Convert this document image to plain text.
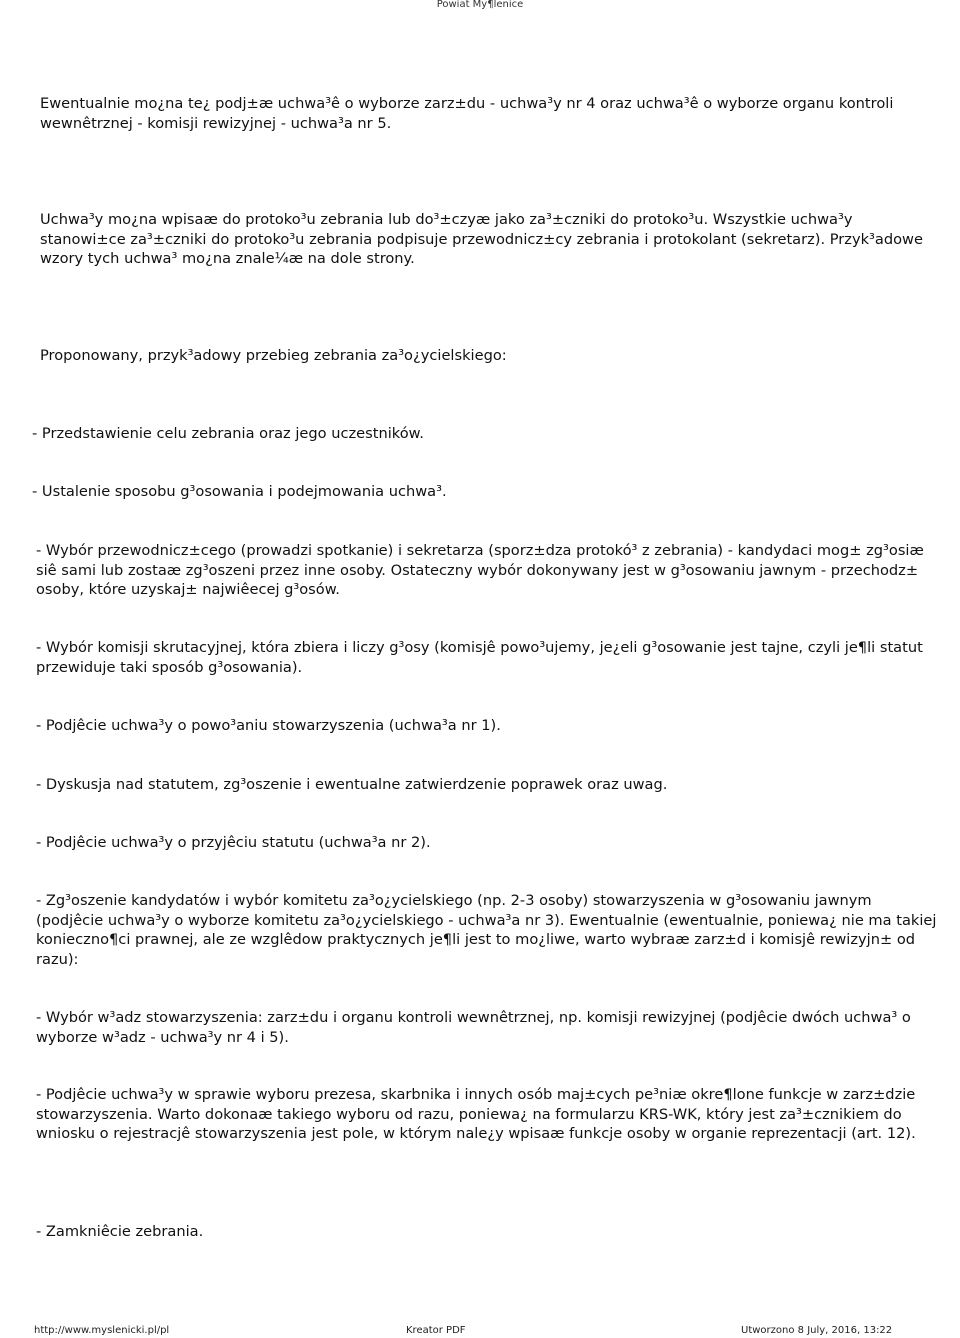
Powiat My¶lenice

Ewentualnie mo¿na te¿ podj±æ uchwa³ê o wyborze zarz±du - uchwa³y nr 4 oraz uchwa³ê o wyborze organu kontroli wewnêtrznej - komisji rewizyjnej - uchwa³a nr 5.

Uchwa³y mo¿na wpisaæ do protoko³u zebrania lub do³±czyæ jako za³±czniki do protoko³u. Wszystkie uchwa³y stanowi±ce za³±czniki do protoko³u zebrania podpisuje przewodnicz±cy zebrania i protokolant (sekretarz). Przyk³adowe wzory tych uchwa³ mo¿na znale¼æ na dole strony.

Proponowany, przyk³adowy przebieg zebrania za³o¿ycielskiego:

- Przedstawienie celu zebrania oraz jego uczestników.

- Ustalenie sposobu g³osowania i podejmowania uchwa³.

- Wybór przewodnicz±cego (prowadzi spotkanie) i sekretarza (sporz±dza protokó³ z zebrania) - kandydaci mog± zg³osiæ siê sami lub zostaæ zg³oszeni przez inne osoby. Ostateczny wybór dokonywany jest w g³osowaniu jawnym - przechodz± osoby, które uzyskaj± najwiêecej g³osów.

- Wybór komisji skrutacyjnej, która zbiera i liczy g³osy (komisjê powo³ujemy, je¿eli g³osowanie jest tajne, czyli je¶li statut przewiduje taki sposób g³osowania).

- Podjêcie uchwa³y o powo³aniu stowarzyszenia (uchwa³a nr 1).

- Dyskusja nad statutem, zg³oszenie i ewentualne zatwierdzenie poprawek oraz uwag.

- Podjêcie uchwa³y o przyjêciu statutu (uchwa³a nr 2).

- Zg³oszenie kandydatów i wybór komitetu za³o¿ycielskiego (np. 2-3 osoby) stowarzyszenia w g³osowaniu jawnym (podjêcie uchwa³y o wyborze komitetu za³o¿ycielskiego - uchwa³a nr 3). Ewentualnie (ewentualnie, poniewa¿ nie ma takiej konieczno¶ci prawnej, ale ze wzglêdow praktycznych je¶li jest to mo¿liwe, warto wybraæ zarz±d i komisjê rewizyjn± od razu):

- Wybór w³adz stowarzyszenia: zarz±du i organu kontroli wewnêtrznej, np. komisji rewizyjnej (podjêcie dwóch uchwa³ o wyborze w³adz - uchwa³y nr 4 i 5).

- Podjêcie uchwa³y w sprawie wyboru prezesa, skarbnika i innych osób maj±cych pe³niæ okre¶lone funkcje w zarz±dzie stowarzyszenia. Warto dokonaæ takiego wyboru od razu, poniewa¿ na formularzu KRS-WK, który jest za³±cznikiem do wniosku o rejestracjê stowarzyszenia jest pole, w którym nale¿y wpisaæ funkcje osoby w organie reprezentacji (art. 12).

- Zamkniêcie zebrania.

http://www.myslenicki.pl/pl	Kreator PDF	Utworzono 8 July, 2016, 13:22
